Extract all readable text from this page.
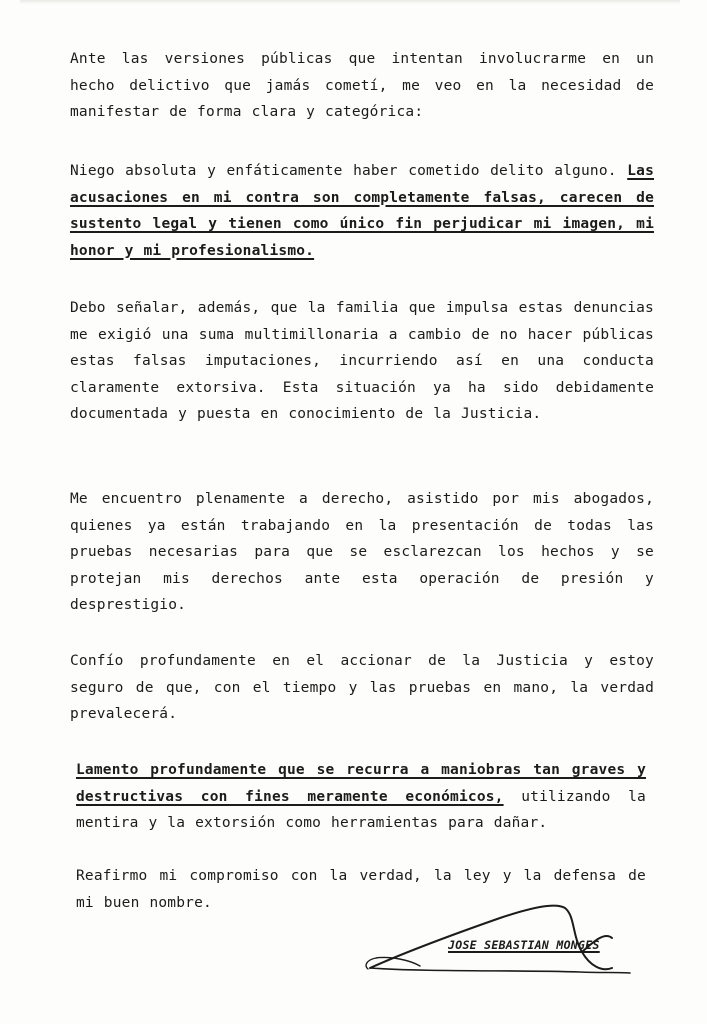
Ante las versiones públicas que intentan involucrarme en un hecho delictivo que jamás cometí, me veo en la necesidad de manifestar de forma clara y categórica:

Niego absoluta y enfáticamente haber cometido delito alguno. Las acusaciones en mi contra son completamente falsas, carecen de sustento legal y tienen como único fin perjudicar mi imagen, mi honor y mi profesionalismo.

Debo señalar, además, que la familia que impulsa estas denuncias me exigió una suma multimillonaria a cambio de no hacer públicas estas falsas imputaciones, incurriendo así en una conducta claramente extorsiva. Esta situación ya ha sido debidamente documentada y puesta en conocimiento de la Justicia.

Me encuentro plenamente a derecho, asistido por mis abogados, quienes ya están trabajando en la presentación de todas las pruebas necesarias para que se esclarezcan los hechos y se protejan mis derechos ante esta operación de presión y desprestigio.

Confío profundamente en el accionar de la Justicia y estoy seguro de que, con el tiempo y las pruebas en mano, la verdad prevalecerá.

Lamento profundamente que se recurra a maniobras tan graves y destructivas con fines meramente económicos, utilizando la mentira y la extorsión como herramientas para dañar.

Reafirmo mi compromiso con la verdad, la ley y la defensa de mi buen nombre.

JOSE SEBASTIAN MONGES
